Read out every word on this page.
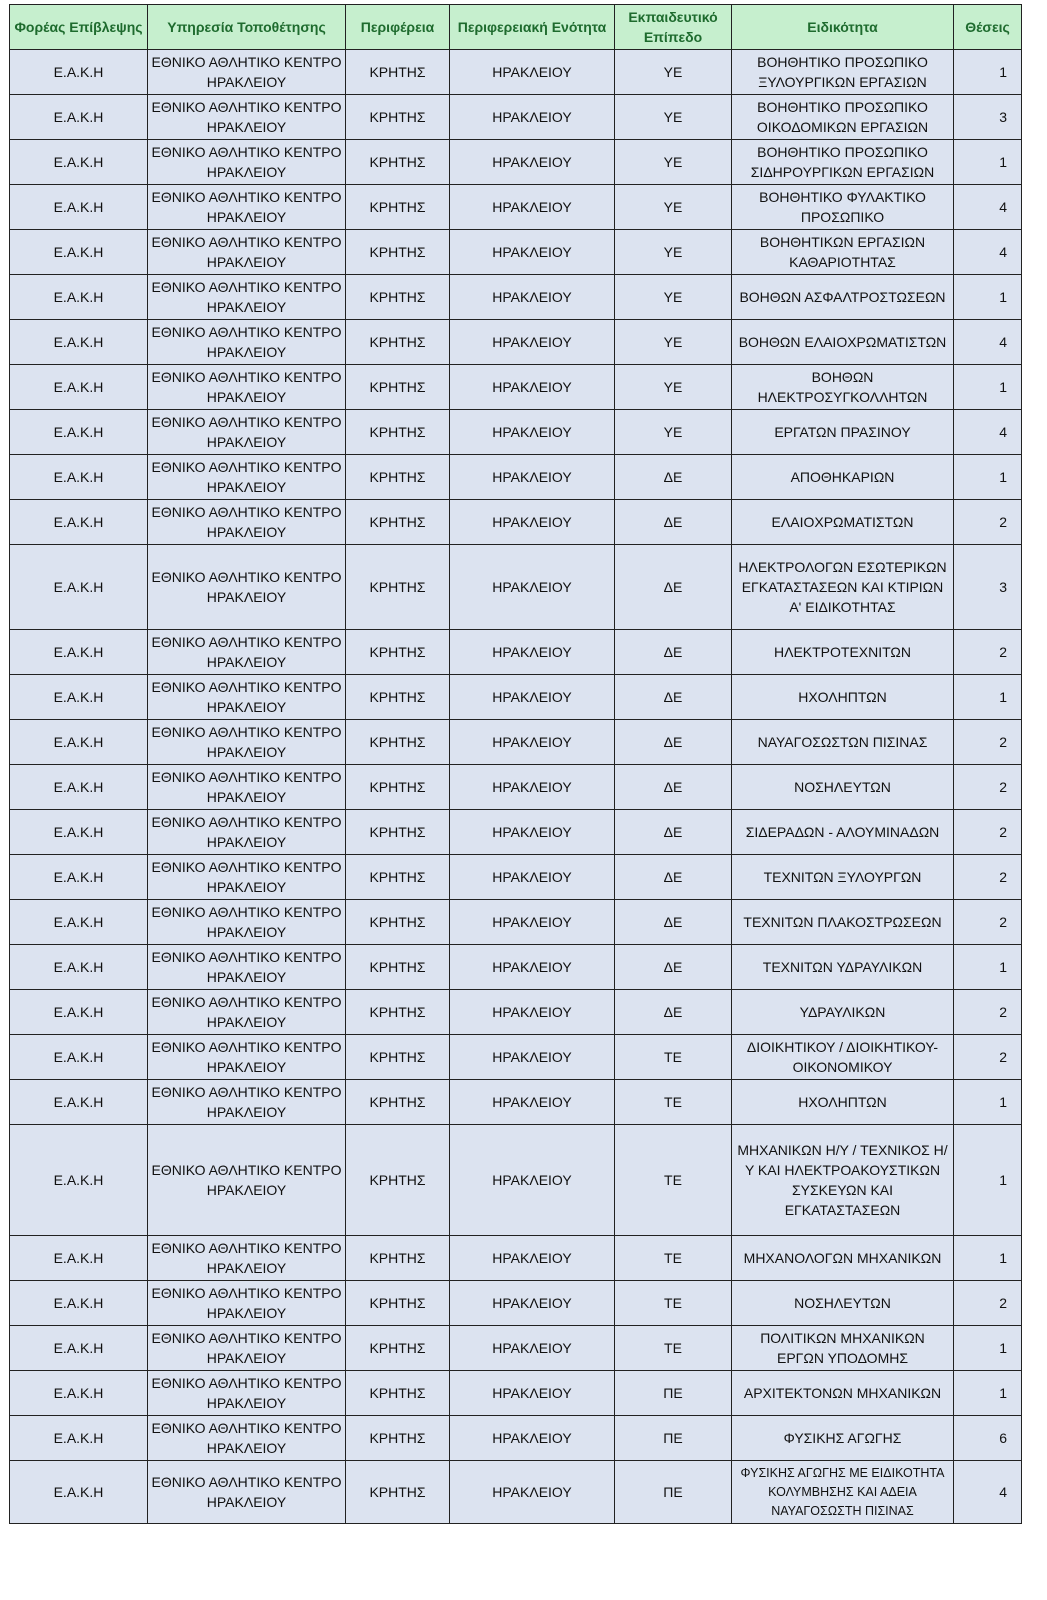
Φορέας Επίβλεψης	Υπηρεσία Τοποθέτησης	Περιφέρεια	Περιφερειακή Ενότητα	Εκπαιδευτικό Επίπεδο	Ειδικότητα	Θέσεις
Ε.Α.Κ.Η	ΕΘΝΙΚΟ ΑΘΛΗΤΙΚΟ ΚΕΝΤΡΟ ΗΡΑΚΛΕΙΟΥ	ΚΡΗΤΗΣ	ΗΡΑΚΛΕΙΟΥ	ΥΕ	ΒΟΗΘΗΤΙΚΟ ΠΡΟΣΩΠΙΚΟ ΞΥΛΟΥΡΓΙΚΩΝ ΕΡΓΑΣΙΩΝ	1
Ε.Α.Κ.Η	ΕΘΝΙΚΟ ΑΘΛΗΤΙΚΟ ΚΕΝΤΡΟ ΗΡΑΚΛΕΙΟΥ	ΚΡΗΤΗΣ	ΗΡΑΚΛΕΙΟΥ	ΥΕ	ΒΟΗΘΗΤΙΚΟ ΠΡΟΣΩΠΙΚΟ ΟΙΚΟΔΟΜΙΚΩΝ ΕΡΓΑΣΙΩΝ	3
Ε.Α.Κ.Η	ΕΘΝΙΚΟ ΑΘΛΗΤΙΚΟ ΚΕΝΤΡΟ ΗΡΑΚΛΕΙΟΥ	ΚΡΗΤΗΣ	ΗΡΑΚΛΕΙΟΥ	ΥΕ	ΒΟΗΘΗΤΙΚΟ ΠΡΟΣΩΠΙΚΟ ΣΙΔΗΡΟΥΡΓΙΚΩΝ ΕΡΓΑΣΙΩΝ	1
Ε.Α.Κ.Η	ΕΘΝΙΚΟ ΑΘΛΗΤΙΚΟ ΚΕΝΤΡΟ ΗΡΑΚΛΕΙΟΥ	ΚΡΗΤΗΣ	ΗΡΑΚΛΕΙΟΥ	ΥΕ	ΒΟΗΘΗΤΙΚΟ ΦΥΛΑΚΤΙΚΟ ΠΡΟΣΩΠΙΚΟ	4
Ε.Α.Κ.Η	ΕΘΝΙΚΟ ΑΘΛΗΤΙΚΟ ΚΕΝΤΡΟ ΗΡΑΚΛΕΙΟΥ	ΚΡΗΤΗΣ	ΗΡΑΚΛΕΙΟΥ	ΥΕ	ΒΟΗΘΗΤΙΚΩΝ ΕΡΓΑΣΙΩΝ ΚΑΘΑΡΙΟΤΗΤΑΣ	4
Ε.Α.Κ.Η	ΕΘΝΙΚΟ ΑΘΛΗΤΙΚΟ ΚΕΝΤΡΟ ΗΡΑΚΛΕΙΟΥ	ΚΡΗΤΗΣ	ΗΡΑΚΛΕΙΟΥ	ΥΕ	ΒΟΗΘΩΝ ΑΣΦΑΛΤΡΟΣΤΩΣΕΩΝ	1
Ε.Α.Κ.Η	ΕΘΝΙΚΟ ΑΘΛΗΤΙΚΟ ΚΕΝΤΡΟ ΗΡΑΚΛΕΙΟΥ	ΚΡΗΤΗΣ	ΗΡΑΚΛΕΙΟΥ	ΥΕ	ΒΟΗΘΩΝ ΕΛΑΙΟΧΡΩΜΑΤΙΣΤΩΝ	4
Ε.Α.Κ.Η	ΕΘΝΙΚΟ ΑΘΛΗΤΙΚΟ ΚΕΝΤΡΟ ΗΡΑΚΛΕΙΟΥ	ΚΡΗΤΗΣ	ΗΡΑΚΛΕΙΟΥ	ΥΕ	ΒΟΗΘΩΝ ΗΛΕΚΤΡΟΣΥΓΚΟΛΛΗΤΩΝ	1
Ε.Α.Κ.Η	ΕΘΝΙΚΟ ΑΘΛΗΤΙΚΟ ΚΕΝΤΡΟ ΗΡΑΚΛΕΙΟΥ	ΚΡΗΤΗΣ	ΗΡΑΚΛΕΙΟΥ	ΥΕ	ΕΡΓΑΤΩΝ ΠΡΑΣΙΝΟΥ	4
Ε.Α.Κ.Η	ΕΘΝΙΚΟ ΑΘΛΗΤΙΚΟ ΚΕΝΤΡΟ ΗΡΑΚΛΕΙΟΥ	ΚΡΗΤΗΣ	ΗΡΑΚΛΕΙΟΥ	ΔΕ	ΑΠΟΘΗΚΑΡΙΩΝ	1
Ε.Α.Κ.Η	ΕΘΝΙΚΟ ΑΘΛΗΤΙΚΟ ΚΕΝΤΡΟ ΗΡΑΚΛΕΙΟΥ	ΚΡΗΤΗΣ	ΗΡΑΚΛΕΙΟΥ	ΔΕ	ΕΛΑΙΟΧΡΩΜΑΤΙΣΤΩΝ	2
Ε.Α.Κ.Η	ΕΘΝΙΚΟ ΑΘΛΗΤΙΚΟ ΚΕΝΤΡΟ ΗΡΑΚΛΕΙΟΥ	ΚΡΗΤΗΣ	ΗΡΑΚΛΕΙΟΥ	ΔΕ	ΗΛΕΚΤΡΟΛΟΓΩΝ ΕΣΩΤΕΡΙΚΩΝ ΕΓΚΑΤΑΣΤΑΣΕΩΝ ΚΑΙ ΚΤΙΡΙΩΝ Α' ΕΙΔΙΚΟΤΗΤΑΣ	3
Ε.Α.Κ.Η	ΕΘΝΙΚΟ ΑΘΛΗΤΙΚΟ ΚΕΝΤΡΟ ΗΡΑΚΛΕΙΟΥ	ΚΡΗΤΗΣ	ΗΡΑΚΛΕΙΟΥ	ΔΕ	ΗΛΕΚΤΡΟΤΕΧΝΙΤΩΝ	2
Ε.Α.Κ.Η	ΕΘΝΙΚΟ ΑΘΛΗΤΙΚΟ ΚΕΝΤΡΟ ΗΡΑΚΛΕΙΟΥ	ΚΡΗΤΗΣ	ΗΡΑΚΛΕΙΟΥ	ΔΕ	ΗΧΟΛΗΠΤΩΝ	1
Ε.Α.Κ.Η	ΕΘΝΙΚΟ ΑΘΛΗΤΙΚΟ ΚΕΝΤΡΟ ΗΡΑΚΛΕΙΟΥ	ΚΡΗΤΗΣ	ΗΡΑΚΛΕΙΟΥ	ΔΕ	ΝΑΥΑΓΟΣΩΣΤΩΝ ΠΙΣΙΝΑΣ	2
Ε.Α.Κ.Η	ΕΘΝΙΚΟ ΑΘΛΗΤΙΚΟ ΚΕΝΤΡΟ ΗΡΑΚΛΕΙΟΥ	ΚΡΗΤΗΣ	ΗΡΑΚΛΕΙΟΥ	ΔΕ	ΝΟΣΗΛΕΥΤΩΝ	2
Ε.Α.Κ.Η	ΕΘΝΙΚΟ ΑΘΛΗΤΙΚΟ ΚΕΝΤΡΟ ΗΡΑΚΛΕΙΟΥ	ΚΡΗΤΗΣ	ΗΡΑΚΛΕΙΟΥ	ΔΕ	ΣΙΔΕΡΑΔΩΝ - ΑΛΟΥΜΙΝΑΔΩΝ	2
Ε.Α.Κ.Η	ΕΘΝΙΚΟ ΑΘΛΗΤΙΚΟ ΚΕΝΤΡΟ ΗΡΑΚΛΕΙΟΥ	ΚΡΗΤΗΣ	ΗΡΑΚΛΕΙΟΥ	ΔΕ	ΤΕΧΝΙΤΩΝ ΞΥΛΟΥΡΓΩΝ	2
Ε.Α.Κ.Η	ΕΘΝΙΚΟ ΑΘΛΗΤΙΚΟ ΚΕΝΤΡΟ ΗΡΑΚΛΕΙΟΥ	ΚΡΗΤΗΣ	ΗΡΑΚΛΕΙΟΥ	ΔΕ	ΤΕΧΝΙΤΩΝ ΠΛΑΚΟΣΤΡΩΣΕΩΝ	2
Ε.Α.Κ.Η	ΕΘΝΙΚΟ ΑΘΛΗΤΙΚΟ ΚΕΝΤΡΟ ΗΡΑΚΛΕΙΟΥ	ΚΡΗΤΗΣ	ΗΡΑΚΛΕΙΟΥ	ΔΕ	ΤΕΧΝΙΤΩΝ ΥΔΡΑΥΛΙΚΩΝ	1
Ε.Α.Κ.Η	ΕΘΝΙΚΟ ΑΘΛΗΤΙΚΟ ΚΕΝΤΡΟ ΗΡΑΚΛΕΙΟΥ	ΚΡΗΤΗΣ	ΗΡΑΚΛΕΙΟΥ	ΔΕ	ΥΔΡΑΥΛΙΚΩΝ	2
Ε.Α.Κ.Η	ΕΘΝΙΚΟ ΑΘΛΗΤΙΚΟ ΚΕΝΤΡΟ ΗΡΑΚΛΕΙΟΥ	ΚΡΗΤΗΣ	ΗΡΑΚΛΕΙΟΥ	ΤΕ	ΔΙΟΙΚΗΤΙΚΟΥ / ΔΙΟΙΚΗΤΙΚΟΥ-ΟΙΚΟΝΟΜΙΚΟΥ	2
Ε.Α.Κ.Η	ΕΘΝΙΚΟ ΑΘΛΗΤΙΚΟ ΚΕΝΤΡΟ ΗΡΑΚΛΕΙΟΥ	ΚΡΗΤΗΣ	ΗΡΑΚΛΕΙΟΥ	ΤΕ	ΗΧΟΛΗΠΤΩΝ	1
Ε.Α.Κ.Η	ΕΘΝΙΚΟ ΑΘΛΗΤΙΚΟ ΚΕΝΤΡΟ ΗΡΑΚΛΕΙΟΥ	ΚΡΗΤΗΣ	ΗΡΑΚΛΕΙΟΥ	ΤΕ	ΜΗΧΑΝΙΚΩΝ Η/Υ / ΤΕΧΝΙΚΟΣ Η/Υ ΚΑΙ ΗΛΕΚΤΡΟΑΚΟΥΣΤΙΚΩΝ ΣΥΣΚΕΥΩΝ ΚΑΙ ΕΓΚΑΤΑΣΤΑΣΕΩΝ	1
Ε.Α.Κ.Η	ΕΘΝΙΚΟ ΑΘΛΗΤΙΚΟ ΚΕΝΤΡΟ ΗΡΑΚΛΕΙΟΥ	ΚΡΗΤΗΣ	ΗΡΑΚΛΕΙΟΥ	ΤΕ	ΜΗΧΑΝΟΛΟΓΩΝ ΜΗΧΑΝΙΚΩΝ	1
Ε.Α.Κ.Η	ΕΘΝΙΚΟ ΑΘΛΗΤΙΚΟ ΚΕΝΤΡΟ ΗΡΑΚΛΕΙΟΥ	ΚΡΗΤΗΣ	ΗΡΑΚΛΕΙΟΥ	ΤΕ	ΝΟΣΗΛΕΥΤΩΝ	2
Ε.Α.Κ.Η	ΕΘΝΙΚΟ ΑΘΛΗΤΙΚΟ ΚΕΝΤΡΟ ΗΡΑΚΛΕΙΟΥ	ΚΡΗΤΗΣ	ΗΡΑΚΛΕΙΟΥ	ΤΕ	ΠΟΛΙΤΙΚΩΝ ΜΗΧΑΝΙΚΩΝ ΕΡΓΩΝ ΥΠΟΔΟΜΗΣ	1
Ε.Α.Κ.Η	ΕΘΝΙΚΟ ΑΘΛΗΤΙΚΟ ΚΕΝΤΡΟ ΗΡΑΚΛΕΙΟΥ	ΚΡΗΤΗΣ	ΗΡΑΚΛΕΙΟΥ	ΠΕ	ΑΡΧΙΤΕΚΤΟΝΩΝ ΜΗΧΑΝΙΚΩΝ	1
Ε.Α.Κ.Η	ΕΘΝΙΚΟ ΑΘΛΗΤΙΚΟ ΚΕΝΤΡΟ ΗΡΑΚΛΕΙΟΥ	ΚΡΗΤΗΣ	ΗΡΑΚΛΕΙΟΥ	ΠΕ	ΦΥΣΙΚΗΣ ΑΓΩΓΗΣ	6
Ε.Α.Κ.Η	ΕΘΝΙΚΟ ΑΘΛΗΤΙΚΟ ΚΕΝΤΡΟ ΗΡΑΚΛΕΙΟΥ	ΚΡΗΤΗΣ	ΗΡΑΚΛΕΙΟΥ	ΠΕ	ΦΥΣΙΚΗΣ ΑΓΩΓΗΣ ΜΕ ΕΙΔΙΚΟΤΗΤΑ ΚΟΛΥΜΒΗΣΗΣ ΚΑΙ ΑΔΕΙΑ ΝΑΥΑΓΟΣΩΣΤΗ ΠΙΣΙΝΑΣ	4
